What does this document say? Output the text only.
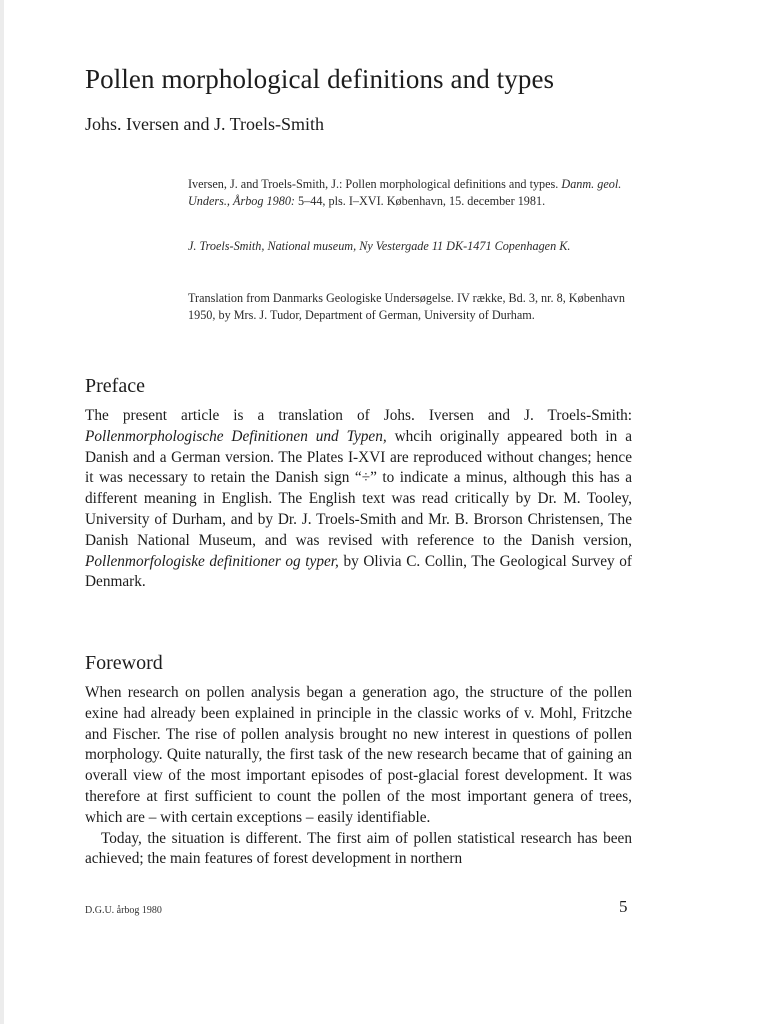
Pollen morphological definitions and types
Johs. Iversen and J. Troels-Smith

Iversen, J. and Troels-Smith, J.: Pollen morphological definitions and types. Danm. geol. Unders., Årbog 1980: 5–44, pls. I–XVI. København, 15. december 1981.

J. Troels-Smith, National museum, Ny Vestergade 11 DK-1471 Copenhagen K.

Translation from Danmarks Geologiske Undersøgelse. IV række, Bd. 3, nr. 8, København 1950, by Mrs. J. Tudor, Department of German, University of Durham.

Preface

The present article is a translation of Johs. Iversen and J. Troels-Smith: Pollenmorphologische Definitionen und Typen, whcih originally appeared both in a Danish and a German version. The Plates I-XVI are reproduced without changes; hence it was necessary to retain the Danish sign “÷” to indicate a minus, although this has a different meaning in English. The English text was read critically by Dr. M. Tooley, University of Durham, and by Dr. J. Troels-Smith and Mr. B. Brorson Christensen, The Danish National Museum, and was revised with reference to the Danish version, Pollenmorfologiske definitioner og typer, by Olivia C. Collin, The Geological Survey of Denmark.

Foreword

When research on pollen analysis began a generation ago, the structure of the pollen exine had already been explained in principle in the classic works of v. Mohl, Fritzche and Fischer. The rise of pollen analysis brought no new interest in questions of pollen morphology. Quite naturally, the first task of the new research became that of gaining an overall view of the most important episodes of post-glacial forest development. It was therefore at first sufficient to count the pollen of the most important genera of trees, which are – with certain exceptions – easily identifiable.

Today, the situation is different. The first aim of pollen statistical research has been achieved; the main features of forest development in northern

D.G.U. årbog 1980	5
